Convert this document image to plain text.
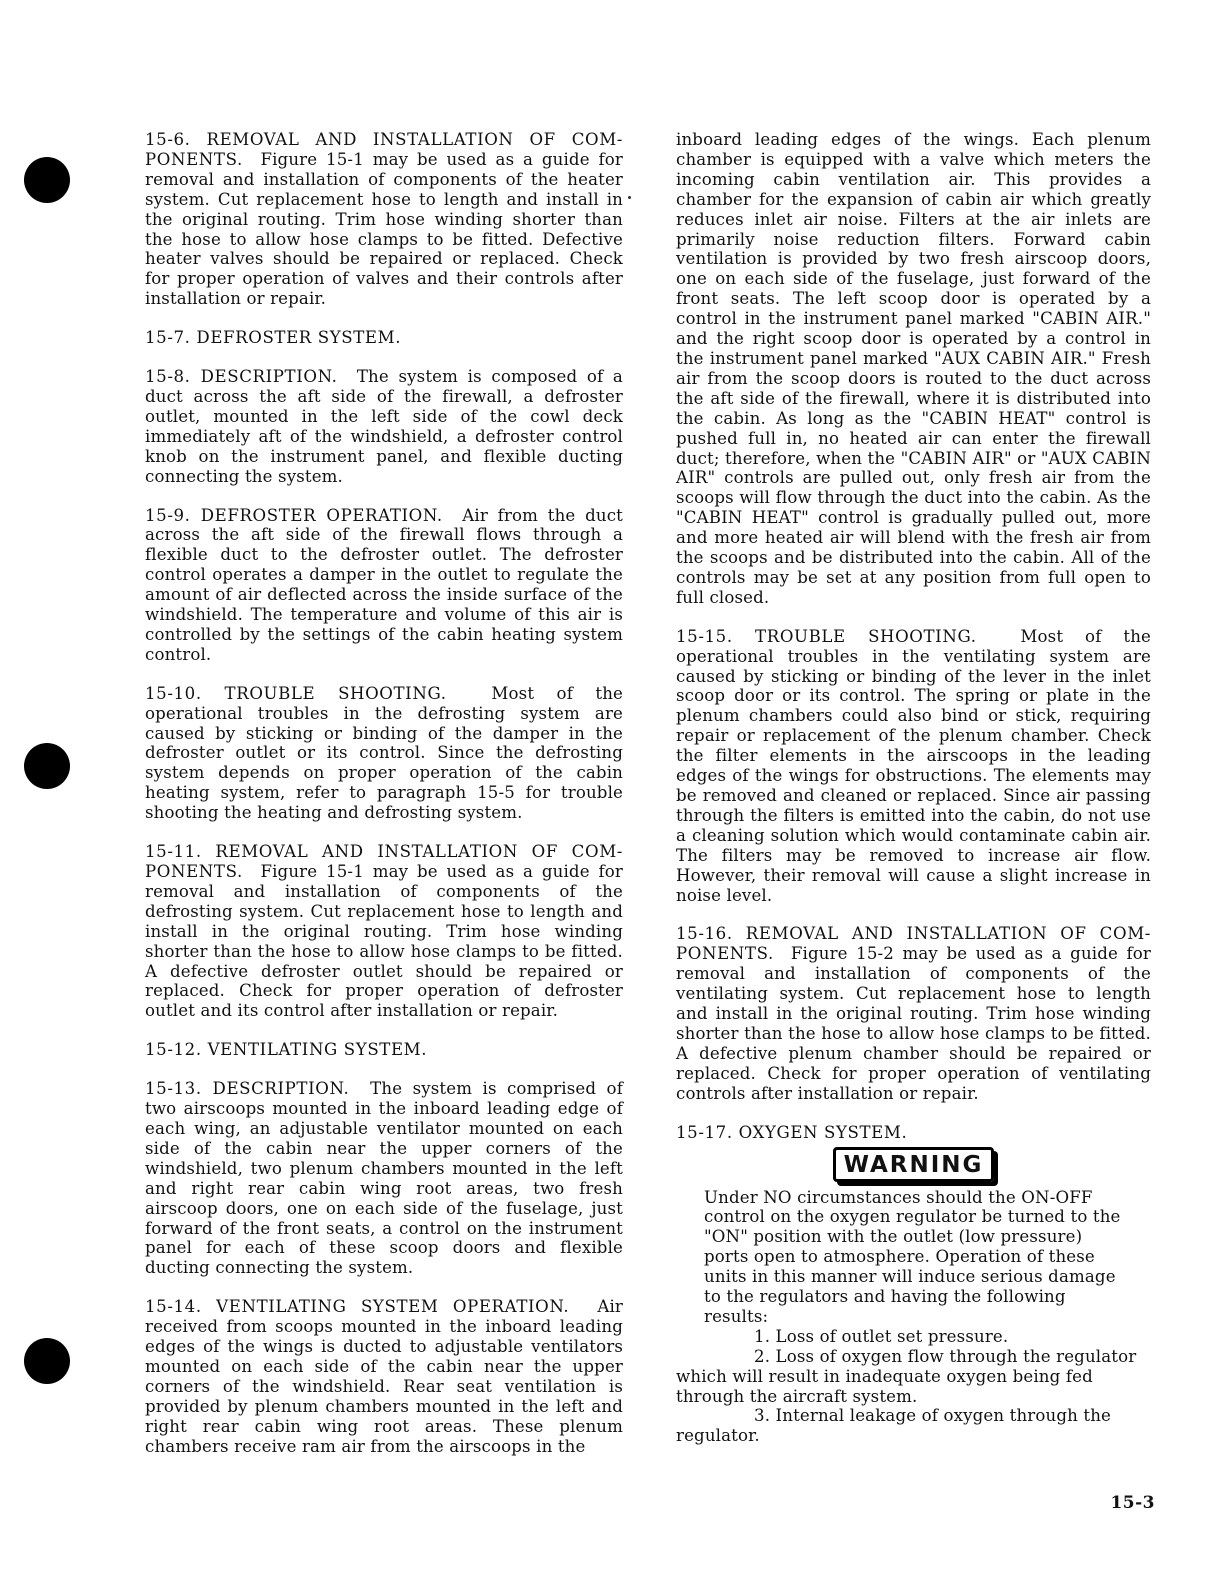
15-6. REMOVAL AND INSTALLATION OF COM-PONENTS. Figure 15-1 may be used as a guide for removal and installation of components of the heater system. Cut replacement hose to length and install in the original routing. Trim hose winding shorter than the hose to allow hose clamps to be fitted. Defective heater valves should be repaired or replaced. Check for proper operation of valves and their controls after installation or repair.

15-7. DEFROSTER SYSTEM.

15-8. DESCRIPTION. The system is composed of a duct across the aft side of the firewall, a defroster outlet, mounted in the left side of the cowl deck immediately aft of the windshield, a defroster control knob on the instrument panel, and flexible ducting connecting the system.

15-9. DEFROSTER OPERATION. Air from the duct across the aft side of the firewall flows through a flexible duct to the defroster outlet. The defroster control operates a damper in the outlet to regulate the amount of air deflected across the inside surface of the windshield. The temperature and volume of this air is controlled by the settings of the cabin heating system control.

15-10. TROUBLE SHOOTING.	Most of the operational troubles in the defrosting system are caused by sticking or binding of the damper in the defroster outlet or its control. Since the defrosting system depends on proper operation of the cabin heating system, refer to paragraph 15-5 for trouble shooting the heating and defrosting system.

15-11. REMOVAL AND INSTALLATION OF COM-PONENTS. Figure 15-1 may be used as a guide for removal and installation of components of the defrosting system. Cut replacement hose to length and install in the original routing. Trim hose winding shorter than the hose to allow hose clamps to be fitted. A defective defroster outlet should be repaired or replaced. Check for proper operation of defroster outlet and its control after installation or repair.

15-12. VENTILATING SYSTEM.

15-13. DESCRIPTION. The system is comprised of two airscoops mounted in the inboard leading edge of each wing, an adjustable ventilator mounted on each side of the cabin near the upper corners of the windshield, two plenum chambers mounted in the left and right rear cabin wing root areas, two fresh airscoop doors, one on each side of the fuselage, just forward of the front seats, a control on the instrument panel for each of these scoop doors and flexible ducting connecting the system.

15-14. VENTILATING SYSTEM OPERATION. Air received from scoops mounted in the inboard leading edges of the wings is ducted to adjustable ventilators mounted on each side of the cabin near the upper corners of the windshield. Rear seat ventilation is provided by plenum chambers mounted in the left and right rear cabin wing root areas. These plenum chambers receive ram air from the airscoops in the

inboard leading edges of the wings. Each plenum chamber is equipped with a valve which meters the incoming cabin ventilation air. This provides a chamber for the expansion of cabin air which greatly reduces inlet air noise. Filters at the air inlets are primarily noise reduction filters. Forward cabin ventilation is provided by two fresh airscoop doors, one on each side of the fuselage, just forward of the front seats. The left scoop door is operated by a control in the instrument panel marked "CABIN AIR." and the right scoop door is operated by a control in the instrument panel marked "AUX CABIN AIR." Fresh air from the scoop doors is routed to the duct across the aft side of the firewall, where it is distributed into the cabin. As long as the "CABIN HEAT" control is pushed full in, no heated air can enter the firewall duct; therefore, when the "CABIN AIR" or "AUX CABIN AIR" controls are pulled out, only fresh air from the scoops will flow through the duct into the cabin. As the "CABIN HEAT" control is gradually pulled out, more and more heated air will blend with the fresh air from the scoops and be distributed into the cabin. All of the controls may be set at any position from full open to full closed.

15-15. TROUBLE SHOOTING.	Most of the operational troubles in the ventilating system are caused by sticking or binding of the lever in the inlet scoop door or its control. The spring or plate in the plenum chambers could also bind or stick, requiring repair or replacement of the plenum chamber. Check the filter elements in the airscoops in the leading edges of the wings for obstructions. The elements may be removed and cleaned or replaced. Since air passing through the filters is emitted into the cabin, do not use a cleaning solution which would contaminate cabin air. The filters may be removed to increase air flow. However, their removal will cause a slight increase in noise level.

15-16. REMOVAL AND INSTALLATION OF COM-PONENTS. Figure 15-2 may be used as a guide for removal and installation of components of the ventilating system. Cut replacement hose to length and install in the original routing. Trim hose winding shorter than the hose to allow hose clamps to be fitted. A defective plenum chamber should be repaired or replaced. Check for proper operation of ventilating controls after installation or repair.

15-17. OXYGEN SYSTEM.

WARNING

Under NO circumstances should the ON-OFF control on the oxygen regulator be turned to the "ON" position with the outlet (low pressure) ports open to atmosphere. Operation of these units in this manner will induce serious damage to the regulators and having the following results:

1. Loss of outlet set pressure.
2. Loss of oxygen flow through the regulator which will result in inadequate oxygen being fed through the aircraft system.
3. Internal leakage of oxygen through the regulator.
15-3
